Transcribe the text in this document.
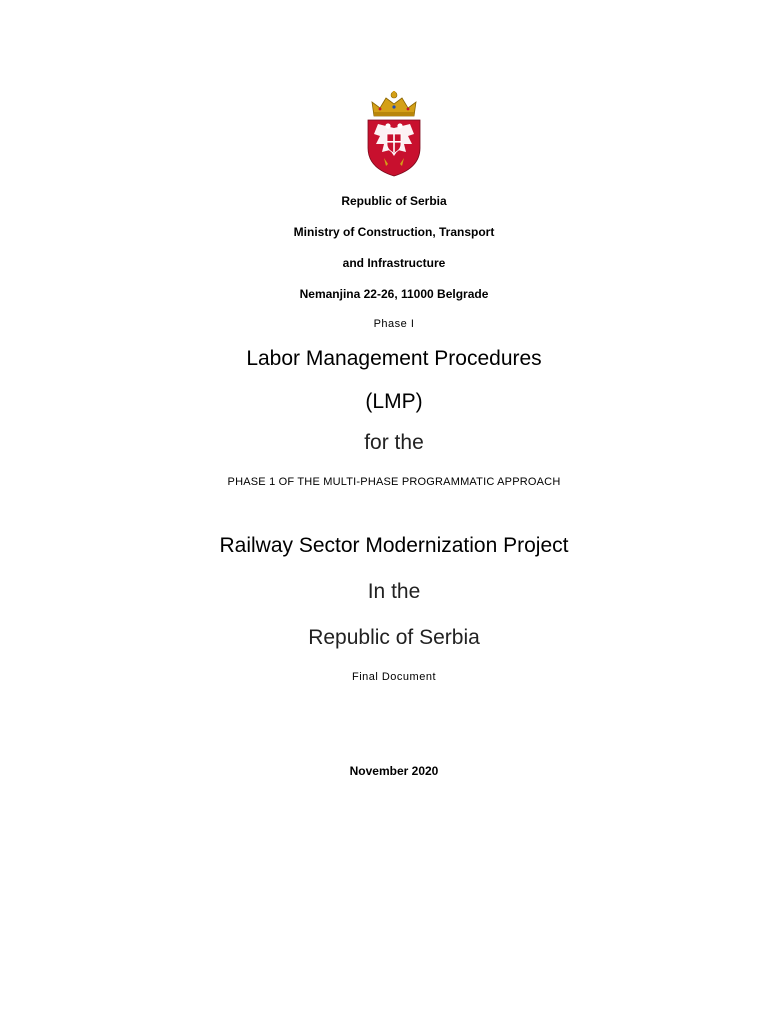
Republic of Serbia
Ministry of Construction, Transport
and Infrastructure
Nemanjina 22-26, 11000 Belgrade
Phase I
Labor Management Procedures
(LMP)
for the
PHASE 1 OF THE MULTI-PHASE PROGRAMMATIC APPROACH
Railway Sector Modernization Project
In the
Republic of Serbia
Final Document
November 2020
